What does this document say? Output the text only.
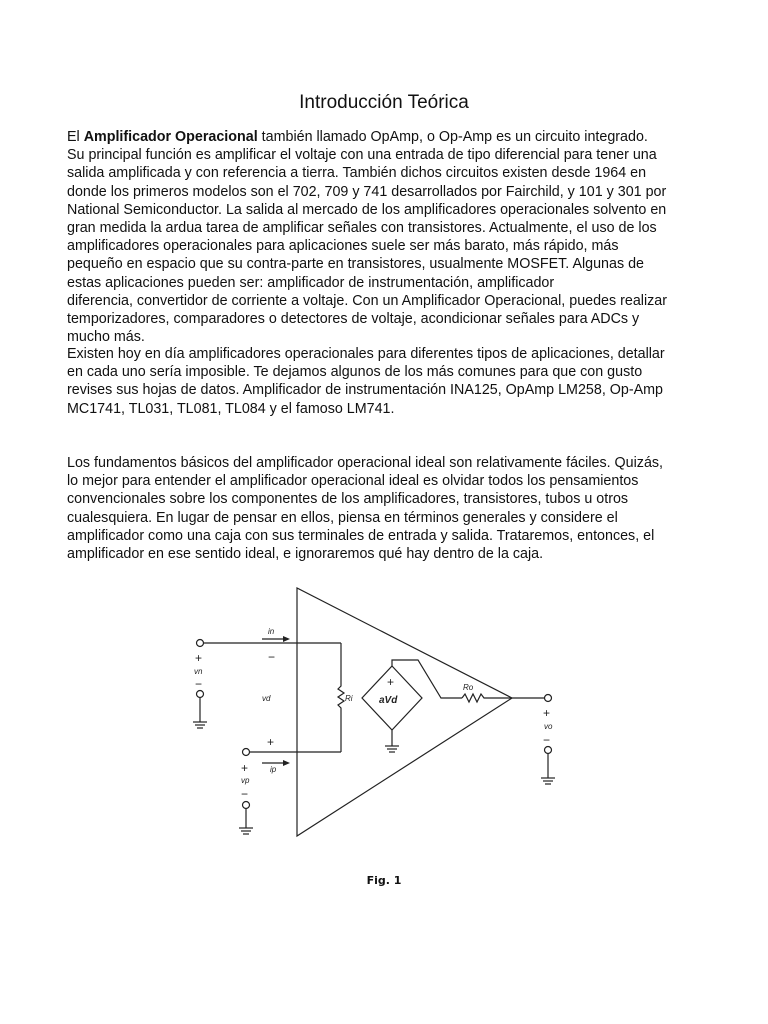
Introducción Teórica
El Amplificador Operacional también llamado OpAmp, o Op-Amp es un circuito integrado.
Su principal función es amplificar el voltaje con una entrada de tipo diferencial para tener una
salida amplificada y con referencia a tierra. También dichos circuitos existen desde 1964 en
donde los primeros modelos son el 702, 709 y 741 desarrollados por Fairchild, y 101 y 301 por
National Semiconductor. La salida al mercado de los amplificadores operacionales solvento en
gran medida la ardua tarea de amplificar señales con transistores. Actualmente, el uso de los
amplificadores operacionales para aplicaciones suele ser más barato, más rápido, más
pequeño en espacio que su contra-parte en transistores, usualmente MOSFET. Algunas de
estas aplicaciones pueden ser: amplificador de instrumentación, amplificador
diferencia, convertidor de corriente a voltaje. Con un Amplificador Operacional, puedes realizar
temporizadores, comparadores o detectores de voltaje, acondicionar señales para ADCs y
mucho más.
Existen hoy en día amplificadores operacionales para diferentes tipos de aplicaciones, detallar
en cada uno sería imposible. Te dejamos algunos de los más comunes para que con gusto
revises sus hojas de datos. Amplificador de instrumentación INA125, OpAmp LM258, Op-Amp
MC1741, TL031, TL081, TL084 y el famoso LM741.
Los fundamentos básicos del amplificador operacional ideal son relativamente fáciles. Quizás,
lo mejor para entender el amplificador operacional ideal es olvidar todos los pensamientos
convencionales sobre los componentes de los amplificadores, transistores, tubos u otros
cualesquiera. En lugar de pensar en ellos, piensa en términos generales y considere el
amplificador como una caja con sus terminales de entrada y salida. Trataremos, entonces, el
amplificador en ese sentido ideal, e ignoraremos qué hay dentro de la caja.
in
vn
vd	Ri
Ro
ip
vp
vo
aVd
+
−
+
+
−
+
−
+
−
Fig. 1
